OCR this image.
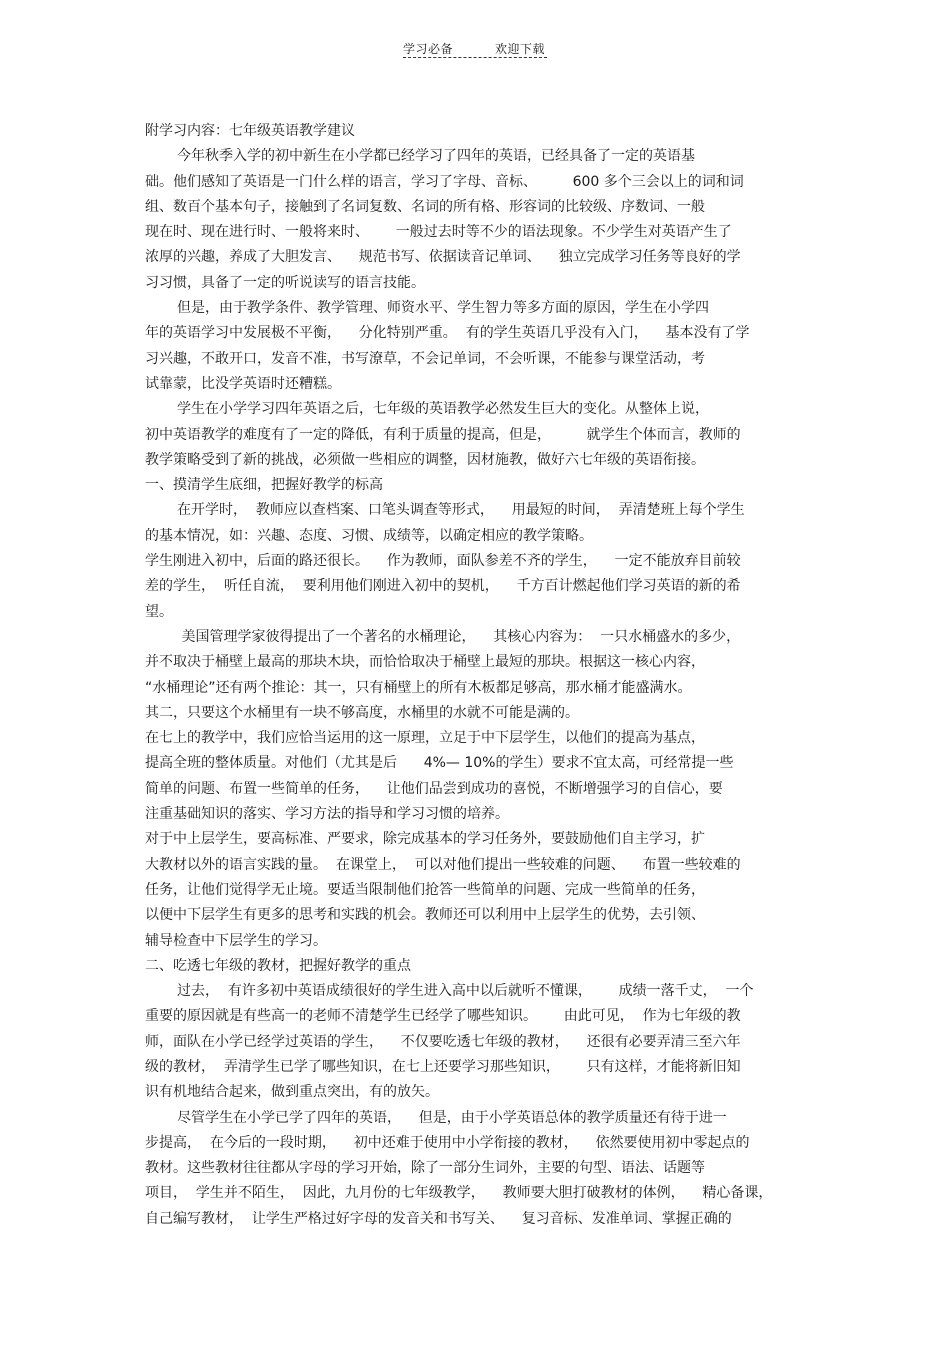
学习必备	欢迎下载
附学习内容：七年级英语教学建议
今年秋季入学的初中新生在小学都已经学习了四年的英语，已经具备了一定的英语基
础。他们感知了英语是一门什么样的语言，学习了字母、音标、        600 多个三会以上的词和词
组、数百个基本句子，接触到了名词复数、名词的所有格、形容词的比较级、序数词、一般
现在时、现在进行时、一般将来时、      一般过去时等不少的语法现象。不少学生对英语产生了
浓厚的兴趣，养成了大胆发言、    规范书写、依据读音记单词、    独立完成学习任务等良好的学
习习惯，具备了一定的听说读写的语言技能。
但是，由于教学条件、教学管理、师资水平、学生智力等多方面的原因，学生在小学四
年的英语学习中发展极不平衡，    分化特别严重。  有的学生英语几乎没有入门，    基本没有了学
习兴趣，不敢开口，发音不准，书写潦草，不会记单词，不会听课，不能参与课堂活动，考
试靠蒙，比没学英语时还糟糕。
学生在小学学习四年英语之后，七年级的英语教学必然发生巨大的变化。从整体上说，
初中英语教学的难度有了一定的降低，有利于质量的提高，但是，        就学生个体而言，教师的
教学策略受到了新的挑战，必须做一些相应的调整，因材施教，做好六七年级的英语衔接。
一、摸清学生底细，把握好教学的标高
在开学时，  教师应以查档案、口笔头调查等形式，    用最短的时间，  弄清楚班上每个学生
的基本情况，如：兴趣、态度、习惯、成绩等，以确定相应的教学策略。
学生刚进入初中，后面的路还很长。    作为教师，面队参差不齐的学生，    一定不能放弃目前较
差的学生，  听任自流，  要利用他们刚进入初中的契机，    千方百计燃起他们学习英语的新的希
望。
美国管理学家彼得提出了一个著名的水桶理论，    其核心内容为：  一只水桶盛水的多少，
并不取决于桶壁上最高的那块木块，而恰恰取决于桶壁上最短的那块。根据这一核心内容，
“水桶理论”还有两个推论：其一，只有桶壁上的所有木板都足够高，那水桶才能盛满水。
其二，只要这个水桶里有一块不够高度，水桶里的水就不可能是满的。
在七上的教学中，我们应恰当运用的这一原理，立足于中下层学生，以他们的提高为基点，
提高全班的整体质量。对他们（尤其是后      4%— 10%的学生）要求不宜太高，可经常提一些
简单的问题、布置一些简单的任务，    让他们品尝到成功的喜悦，不断增强学习的自信心，要
注重基础知识的落实、学习方法的指导和学习习惯的培养。
对于中上层学生，要高标准、严要求，除完成基本的学习任务外，要鼓励他们自主学习，扩
大教材以外的语言实践的量。  在课堂上，  可以对他们提出一些较难的问题、    布置一些较难的
任务，让他们觉得学无止境。要适当限制他们抢答一些简单的问题、完成一些简单的任务，
以便中下层学生有更多的思考和实践的机会。教师还可以利用中上层学生的优势，去引领、
辅导检查中下层学生的学习。
二、吃透七年级的教材，把握好教学的重点
过去，  有许多初中英语成绩很好的学生进入高中以后就听不懂课，      成绩一落千丈，  一个
重要的原因就是有些高一的老师不清楚学生已经学了哪些知识。      由此可见，  作为七年级的教
师，面队在小学已经学过英语的学生，    不仅要吃透七年级的教材，    还很有必要弄清三至六年
级的教材，  弄清学生已学了哪些知识，在七上还要学习那些知识，      只有这样，才能将新旧知
识有机地结合起来，做到重点突出，有的放矢。
尽管学生在小学已学了四年的英语，    但是，由于小学英语总体的教学质量还有待于进一
步提高，  在今后的一段时期，    初中还难于使用中小学衔接的教材，    依然要使用初中零起点的
教材。这些教材往往都从字母的学习开始，除了一部分生词外，主要的句型、语法、话题等
项目，  学生并不陌生，  因此，九月份的七年级教学，    教师要大胆打破教材的体例，    精心备课，
自己编写教材，  让学生严格过好字母的发音关和书写关、    复习音标、发准单词、掌握正确的
